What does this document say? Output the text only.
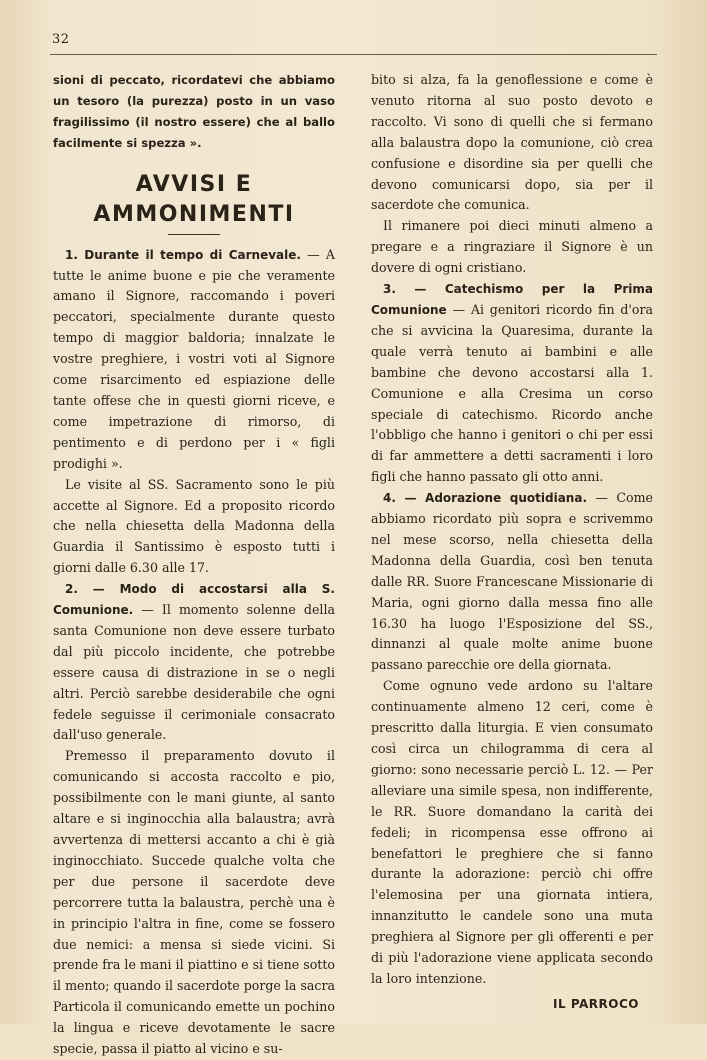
32

sioni di peccato, ricordatevi che abbiamo un tesoro (la purezza) posto in un vaso fragilissimo (il nostro essere) che al ballo facilmente si spezza ».

AVVISI E AMMONIMENTI

1. Durante il tempo di Carnevale. — A tutte le anime buone e pie che veramente amano il Signore, raccomando i poveri peccatori, specialmente durante questo tempo di maggior baldoria; innalzate le vostre preghiere, i vostri voti al Signore come risarcimento ed espiazione delle tante offese che in questi giorni riceve, e come impetrazione di rimorso, di pentimento e di perdono per i « figli prodighi ».

Le visite al SS. Sacramento sono le più accette al Signore. Ed a proposito ricordo che nella chiesetta della Madonna della Guardia il Santissimo è esposto tutti i giorni dalle 6.30 alle 17.

2. — Modo di accostarsi alla S. Comunione. — Il momento solenne della santa Comunione non deve essere turbato dal più piccolo incidente, che potrebbe essere causa di distrazione in se o negli altri. Perciò sarebbe desiderabile che ogni fedele seguisse il cerimoniale consacrato dall'uso generale.

Premesso il preparamento dovuto il comunicando si accosta raccolto e pio, possibilmente con le mani giunte, al santo altare e si inginocchia alla balaustra; avrà avvertenza di mettersi accanto a chi è già inginocchiato. Succede qualche volta che per due persone il sacerdote deve percorrere tutta la balaustra, perchè una è in principio l'altra in fine, come se fossero due nemici: a mensa si siede vicini. Si prende fra le mani il piattino e si tiene sotto il mento; quando il sacerdote porge la sacra Particola il comunicando emette un pochino la lingua e riceve devotamente le sacre specie, passa il piatto al vicino e su-

bito si alza, fa la genoflessione e come è venuto ritorna al suo posto devoto e raccolto. Vi sono di quelli che si fermano alla balaustra dopo la comunione, ciò crea confusione e disordine sia per quelli che devono comunicarsi dopo, sia per il sacerdote che comunica.

Il rimanere poi dieci minuti almeno a pregare e a ringraziare il Signore è un dovere di ogni cristiano.

3. — Catechismo per la Prima Comunione — Ai genitori ricordo fin d'ora che si avvicina la Quaresima, durante la quale verrà tenuto ai bambini e alle bambine che devono accostarsi alla 1. Comunione e alla Cresima un corso speciale di catechismo. Ricordo anche l'obbligo che hanno i genitori o chi per essi di far ammettere a detti sacramenti i loro figli che hanno passato gli otto anni.

4. — Adorazione quotidiana. — Come abbiamo ricordato più sopra e scrivemmo nel mese scorso, nella chiesetta della Madonna della Guardia, così ben tenuta dalle RR. Suore Francescane Missionarie di Maria, ogni giorno dalla messa fino alle 16.30 ha luogo l'Esposizione del SS., dinnanzi al quale molte anime buone passano parecchie ore della giornata.

Come ognuno vede ardono su l'altare continuamente almeno 12 ceri, come è prescritto dalla liturgia. E vien consumato così circa un chilogramma di cera al giorno: sono necessarie perciò L. 12. — Per alleviare una simile spesa, non indifferente, le RR. Suore domandano la carità dei fedeli; in ricompensa esse offrono ai benefattori le preghiere che si fanno durante la adorazione: perciò chi offre l'elemosina per una giornata intiera, innanzitutto le candele sono una muta preghiera al Signore per gli offerenti e per di più l'adorazione viene applicata secondo la loro intenzione.

IL PARROCO
